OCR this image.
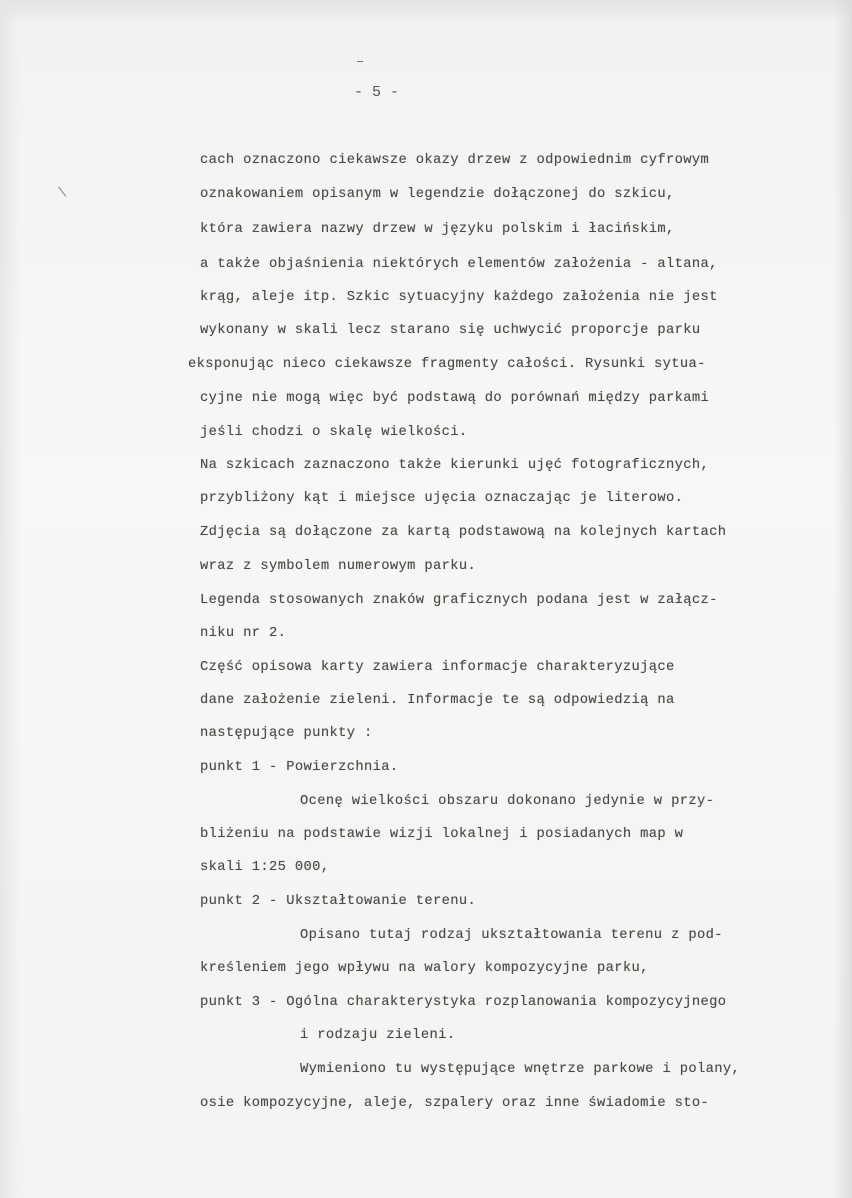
–
- 5 -
\
cach oznaczono ciekawsze okazy drzew z odpowiednim cyfrowym
oznakowaniem opisanym w legendzie dołączonej do szkicu,
która zawiera nazwy drzew w języku polskim i łacińskim,
a także objaśnienia niektórych elementów założenia - altana,
krąg, aleje itp. Szkic sytuacyjny każdego założenia nie jest
wykonany w skali lecz starano się uchwycić proporcje parku
eksponując nieco ciekawsze fragmenty całości. Rysunki sytua-
cyjne nie mogą więc być podstawą do porównań między parkami
jeśli chodzi o skalę wielkości.
Na szkicach zaznaczono także kierunki ujęć fotograficznych,
przybliżony kąt i miejsce ujęcia oznaczając je literowo.
Zdjęcia są dołączone za kartą podstawową na kolejnych kartach
wraz z symbolem numerowym parku.
Legenda stosowanych znaków graficznych podana jest w załącz-
niku nr 2.
Część opisowa karty zawiera informacje charakteryzujące
dane założenie zieleni. Informacje te są odpowiedzią na
następujące punkty :
punkt 1 - Powierzchnia.
Ocenę wielkości obszaru dokonano jedynie w przy-
bliżeniu na podstawie wizji lokalnej i posiadanych map w
skali 1:25 000,
punkt 2 - Ukształtowanie terenu.
Opisano tutaj rodzaj ukształtowania terenu z pod-
kreśleniem jego wpływu na walory kompozycyjne parku,
punkt 3 - Ogólna charakterystyka rozplanowania kompozycyjnego
i rodzaju zieleni.
Wymieniono tu występujące wnętrze parkowe i polany,
osie kompozycyjne, aleje, szpalery oraz inne świadomie sto-
